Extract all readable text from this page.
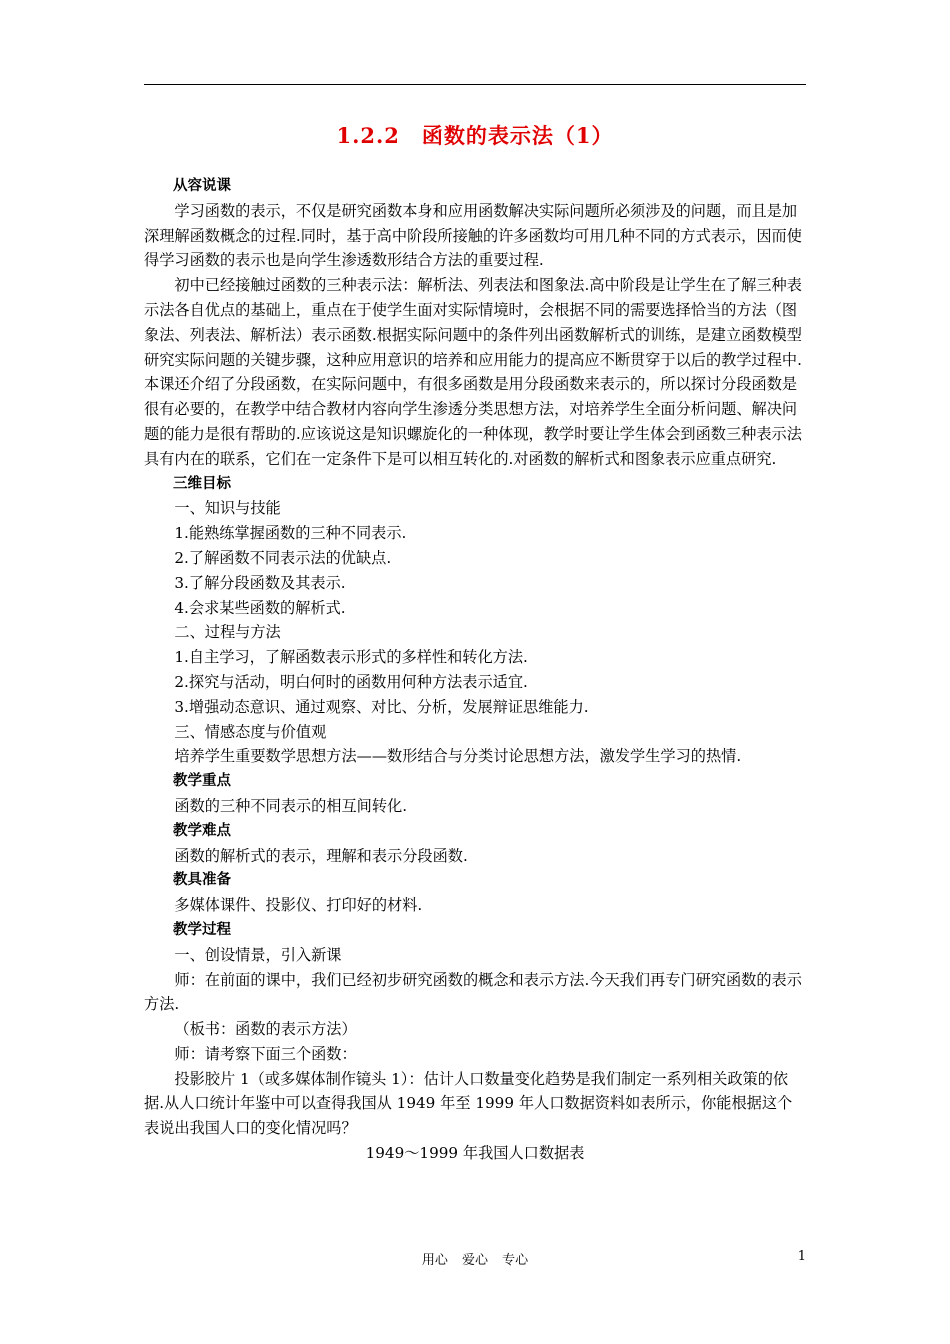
1.2.2　函数的表示法（1）

从容说课

学习函数的表示，不仅是研究函数本身和应用函数解决实际问题所必须涉及的问题，而且是加深理解函数概念的过程.同时，基于高中阶段所接触的许多函数均可用几种不同的方式表示，因而使得学习函数的表示也是向学生渗透数形结合方法的重要过程.

初中已经接触过函数的三种表示法：解析法、列表法和图象法.高中阶段是让学生在了解三种表示法各自优点的基础上，重点在于使学生面对实际情境时，会根据不同的需要选择恰当的方法（图象法、列表法、解析法）表示函数.根据实际问题中的条件列出函数解析式的训练，是建立函数模型研究实际问题的关键步骤，这种应用意识的培养和应用能力的提高应不断贯穿于以后的教学过程中.本课还介绍了分段函数，在实际问题中，有很多函数是用分段函数来表示的，所以探讨分段函数是很有必要的，在教学中结合教材内容向学生渗透分类思想方法，对培养学生全面分析问题、解决问题的能力是很有帮助的.应该说这是知识螺旋化的一种体现，教学时要让学生体会到函数三种表示法具有内在的联系，它们在一定条件下是可以相互转化的.对函数的解析式和图象表示应重点研究.

三维目标

一、知识与技能

1.能熟练掌握函数的三种不同表示.

2.了解函数不同表示法的优缺点.

3.了解分段函数及其表示.

4.会求某些函数的解析式.

二、过程与方法

1.自主学习，了解函数表示形式的多样性和转化方法.

2.探究与活动，明白何时的函数用何种方法表示适宜.

3.增强动态意识、通过观察、对比、分析，发展辩证思维能力.

三、情感态度与价值观

培养学生重要数学思想方法——数形结合与分类讨论思想方法，激发学生学习的热情.

教学重点

函数的三种不同表示的相互间转化.

教学难点

函数的解析式的表示，理解和表示分段函数.

教具准备

多媒体课件、投影仪、打印好的材料.

教学过程

一、创设情景，引入新课

师：在前面的课中，我们已经初步研究函数的概念和表示方法.今天我们再专门研究函数的表示方法.

（板书：函数的表示方法）

师：请考察下面三个函数：

投影胶片 1（或多媒体制作镜头 1）：估计人口数量变化趋势是我们制定一系列相关政策的依据.从人口统计年鉴中可以查得我国从 1949 年至 1999 年人口数据资料如表所示，你能根据这个表说出我国人口的变化情况吗？

1949～1999 年我国人口数据表

用心 爱心 专心	1
